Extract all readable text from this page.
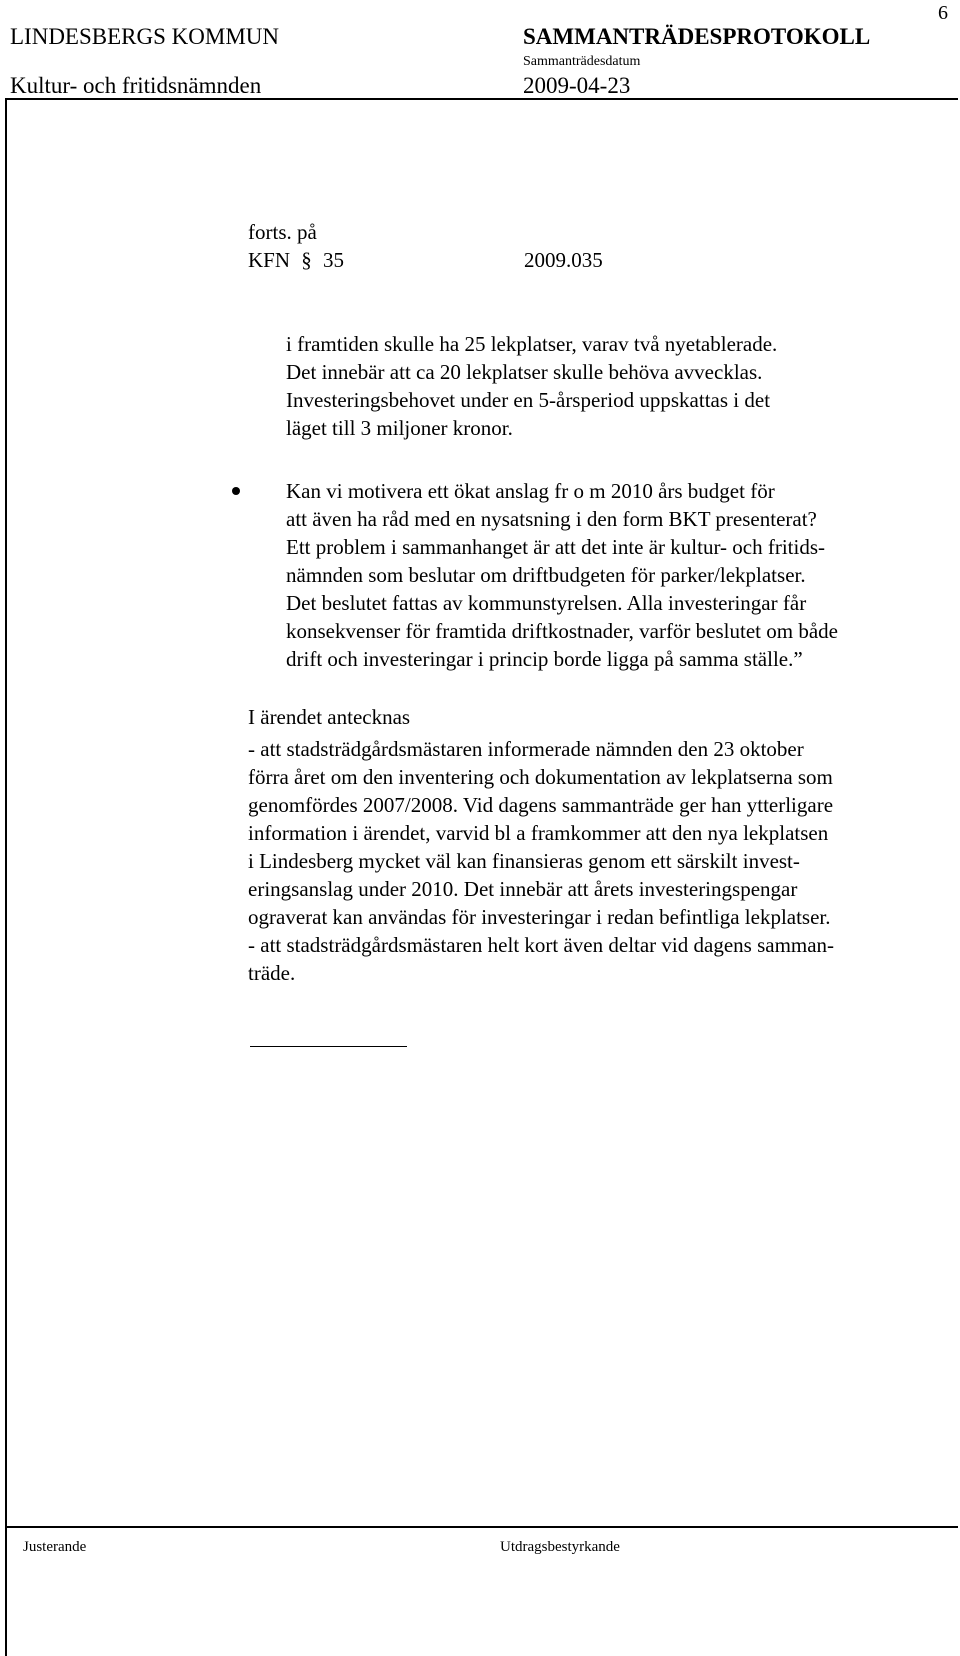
6
LINDESBERGS KOMMUN	SAMMANTRÄDESPROTOKOLL
Sammanträdesdatum
Kultur- och fritidsnämnden	2009-04-23
forts. på
KFN § 35	2009.035
i framtiden skulle ha 25 lekplatser, varav två nyetablerade.
Det innebär att ca 20 lekplatser skulle behöva avvecklas.
Investeringsbehovet under en 5-årsperiod uppskattas i det
läget till 3 miljoner kronor.
Kan vi motivera ett ökat anslag fr o m 2010 års budget för
att även ha råd med en nysatsning i den form BKT presenterat?
Ett problem i sammanhanget är att det inte är kultur- och fritids-
nämnden som beslutar om driftbudgeten för parker/lekplatser.
Det beslutet fattas av kommunstyrelsen. Alla investeringar får
konsekvenser för framtida driftkostnader, varför beslutet om både
drift och investeringar i princip borde ligga på samma ställe.”
I ärendet antecknas
- att stadsträdgårdsmästaren informerade nämnden den 23 oktober
förra året om den inventering och dokumentation av lekplatserna som
genomfördes 2007/2008. Vid dagens sammanträde ger han ytterligare
information i ärendet, varvid bl a framkommer att den nya lekplatsen
i Lindesberg mycket väl kan finansieras genom ett särskilt invest-
eringsanslag under 2010. Det innebär att årets investeringspengar
ograverat kan användas för investeringar i redan befintliga lekplatser.
- att stadsträdgårdsmästaren helt kort även deltar vid dagens samman-
träde.
Justerande	Utdragsbestyrkande
